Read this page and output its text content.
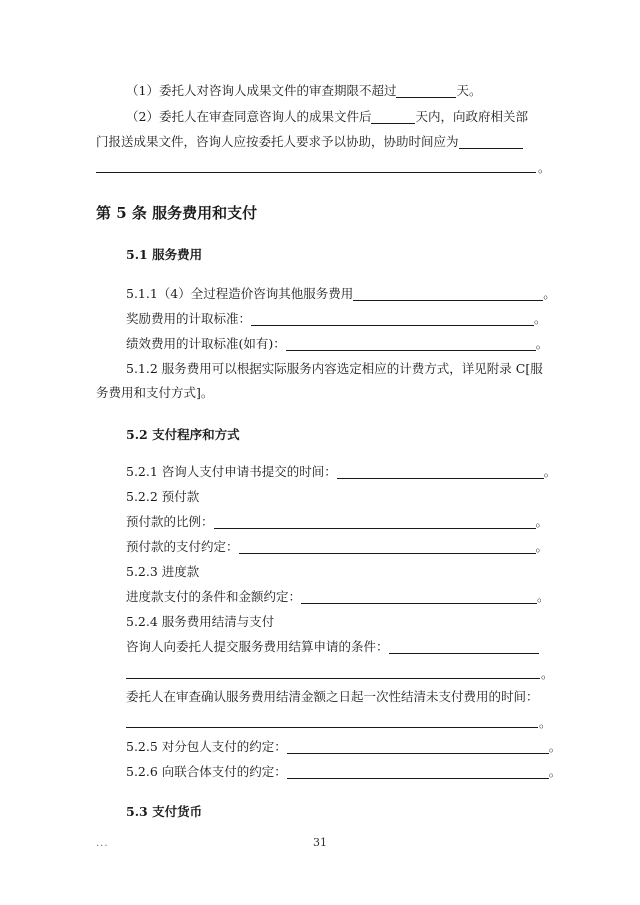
（1）委托人对咨询人成果文件的审查期限不超过	天。
（2）委托人在审查同意咨询人的成果文件后	天内，向政府相关部
门报送成果文件，咨询人应按委托人要求予以协助，协助时间应为
。
第 5 条 服务费用和支付
5.1 服务费用
5.1.1（4）全过程造价咨询其他服务费用	。
奖励费用的计取标准：	。
绩效费用的计取标准(如有)：	。
5.1.2 服务费用可以根据实际服务内容选定相应的计费方式，详见附录 C[服
务费用和支付方式]。
5.2 支付程序和方式
5.2.1 咨询人支付申请书提交的时间：	。
5.2.2 预付款
预付款的比例：	。
预付款的支付约定：	。
5.2.3 进度款
进度款支付的条件和金额约定：	。
5.2.4 服务费用结清与支付
咨询人向委托人提交服务费用结算申请的条件：
。
委托人在审查确认服务费用结清金额之日起一次性结清未支付费用的时间：
。
5.2.5 对分包人支付的约定：	。
5.2.6 向联合体支付的约定：	。
5.3 支付货币
...	31
